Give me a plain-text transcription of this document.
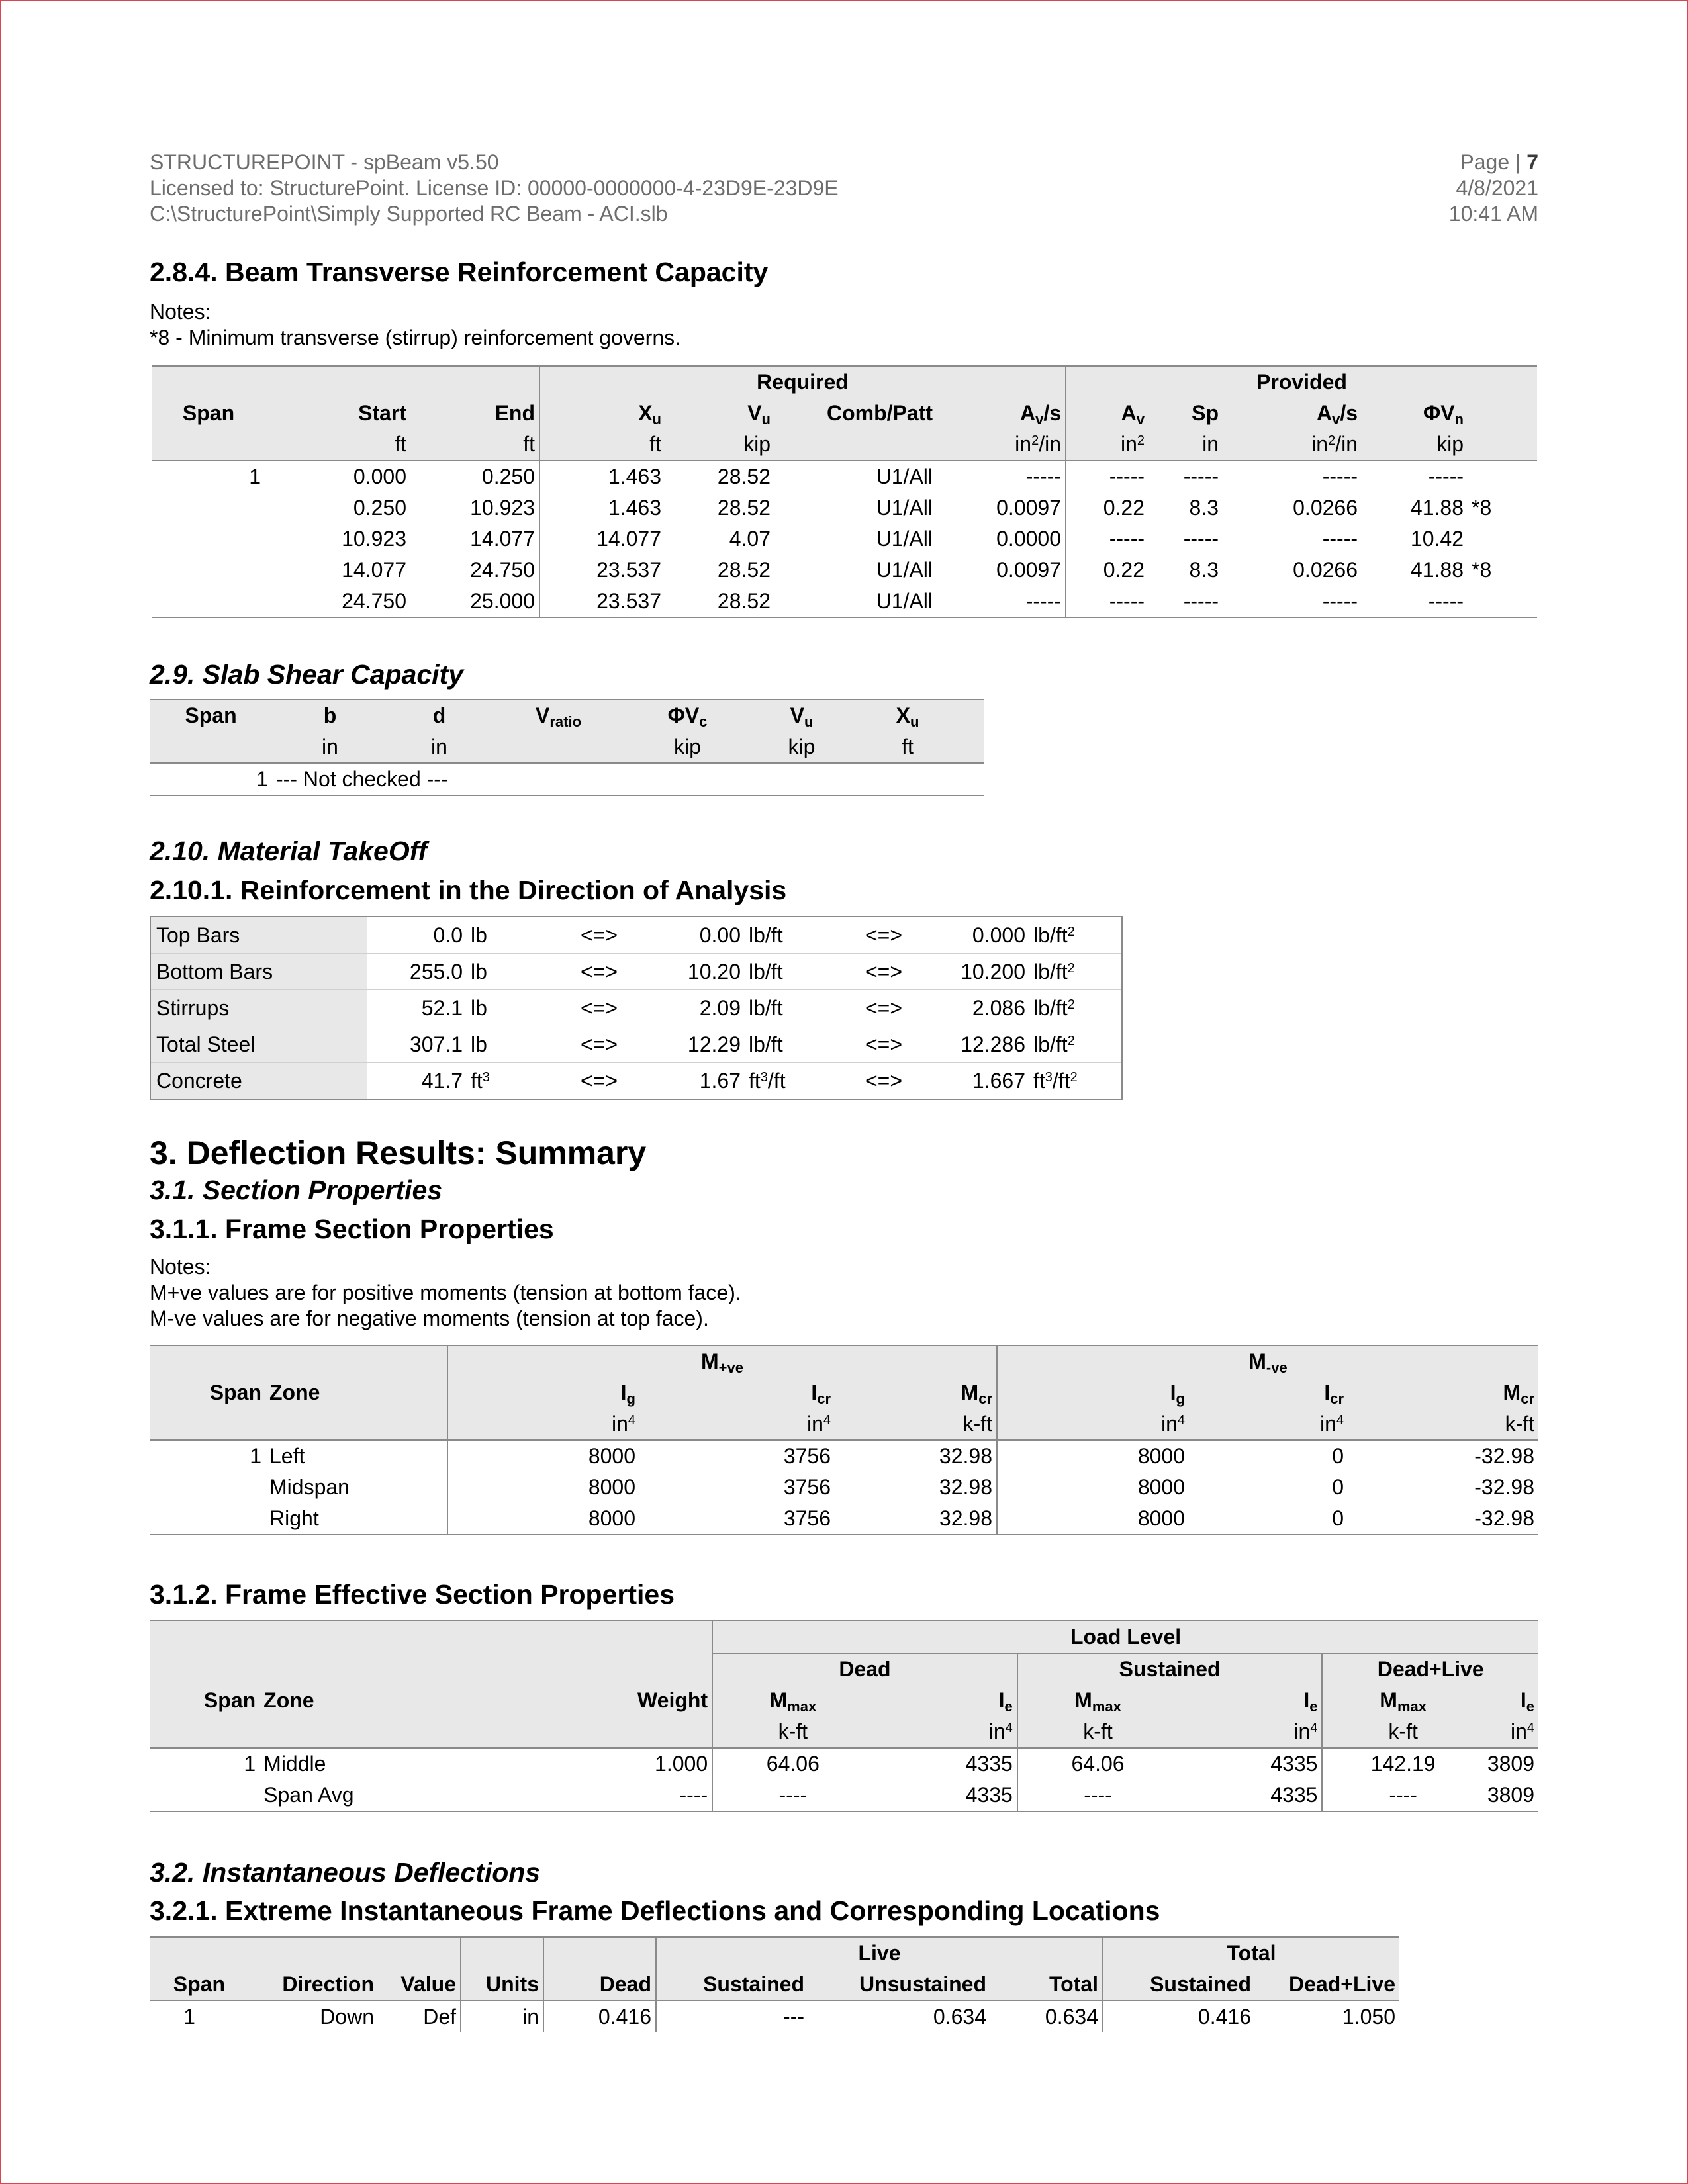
STRUCTUREPOINT - spBeam v5.50
Licensed to: StructurePoint. License ID: 00000-0000000-4-23D9E-23D9E
C:\StructurePoint\Simply Supported RC Beam - ACI.slb
Page | 7
4/8/2021
10:41 AM
2.8.4. Beam Transverse Reinforcement Capacity
Notes:
*8 - Minimum transverse (stirrup) reinforcement governs.
			Required				Provided				
Span	Start	End	$X_u$	$V_u$	Comb/Patt	$A_v/s$	$A_v$	Sp	$A_v/s$	$\Phi V_n$	
	ft	ft	ft	kip		$in^2/in$	$in^2$	in	$in^2/in$	kip	
1	0.000	0.250	1.463	28.52	U1/All	-----	-----	-----	-----	-----	
	0.250	10.923	1.463	28.52	U1/All	0.0097	0.22	8.3	0.0266	41.88	*8
	10.923	14.077	14.077	4.07	U1/All	0.0000	-----	-----	-----	10.42	
	14.077	24.750	23.537	28.52	U1/All	0.0097	0.22	8.3	0.0266	41.88	*8
	24.750	25.000	23.537	28.52	U1/All	-----	-----	-----	-----	-----	
2.9. Slab Shear Capacity
Span	b	d	$V_{ratio}$	$\Phi V_c$	$V_u$	$X_u$	
	in	in		kip	kip	ft	
1	--- Not checked ---						
2.10. Material TakeOff
2.10.1. Reinforcement in the Direction of Analysis
Top Bars	0.0	lb	<=>	0.00	lb/ft	<=>	0.000	$lb/ft^2$
Bottom Bars	255.0	lb	<=>	10.20	lb/ft	<=>	10.200	$lb/ft^2$
Stirrups	52.1	lb	<=>	2.09	lb/ft	<=>	2.086	$lb/ft^2$
Total Steel	307.1	lb	<=>	12.29	lb/ft	<=>	12.286	$lb/ft^2$
Concrete	41.7	$ft^3$	<=>	1.67	$ft^3/ft$	<=>	1.667	$ft^3/ft^2$
3. Deflection Results: Summary
3.1. Section Properties
3.1.1. Frame Section Properties
Notes:
M+ve values are for positive moments (tension at bottom face).
M-ve values are for negative moments (tension at top face).
		$M_{+ve}$			$M_{-ve}$
Span	Zone	$I_g$	$I_{cr}$	$M_{cr}$	$I_g$	$I_{cr}$	$M_{cr}$
		$in^4$	$in^4$	k-ft	$in^4$	$in^4$	k-ft
1	Left	8000	3756	32.98	8000	0	-32.98
	Midspan	8000	3756	32.98	8000	0	-32.98
	Right	8000	3756	32.98	8000	0	-32.98
3.1.2. Frame Effective Section Properties
			Load Level					
			Dead		Sustained		Dead+Live	
Span	Zone	Weight	$M_{max}$	$I_e$	$M_{max}$	$I_e$	$M_{max}$	$I_e$
			k-ft	$in^4$	k-ft	$in^4$	k-ft	$in^4$
1	Middle	1.000	64.06	4335	64.06	4335	142.19	3809
	Span Avg	----	----	4335	----	4335	----	3809
3.2. Instantaneous Deflections
3.2.1. Extreme Instantaneous Frame Deflections and Corresponding Locations
					Live			Total	
Span	Direction	Value	Units	Dead	Sustained	Unsustained	Total	Sustained	Dead+Live
1	Down	Def	in	0.416	---	0.634	0.634	0.416	1.050
